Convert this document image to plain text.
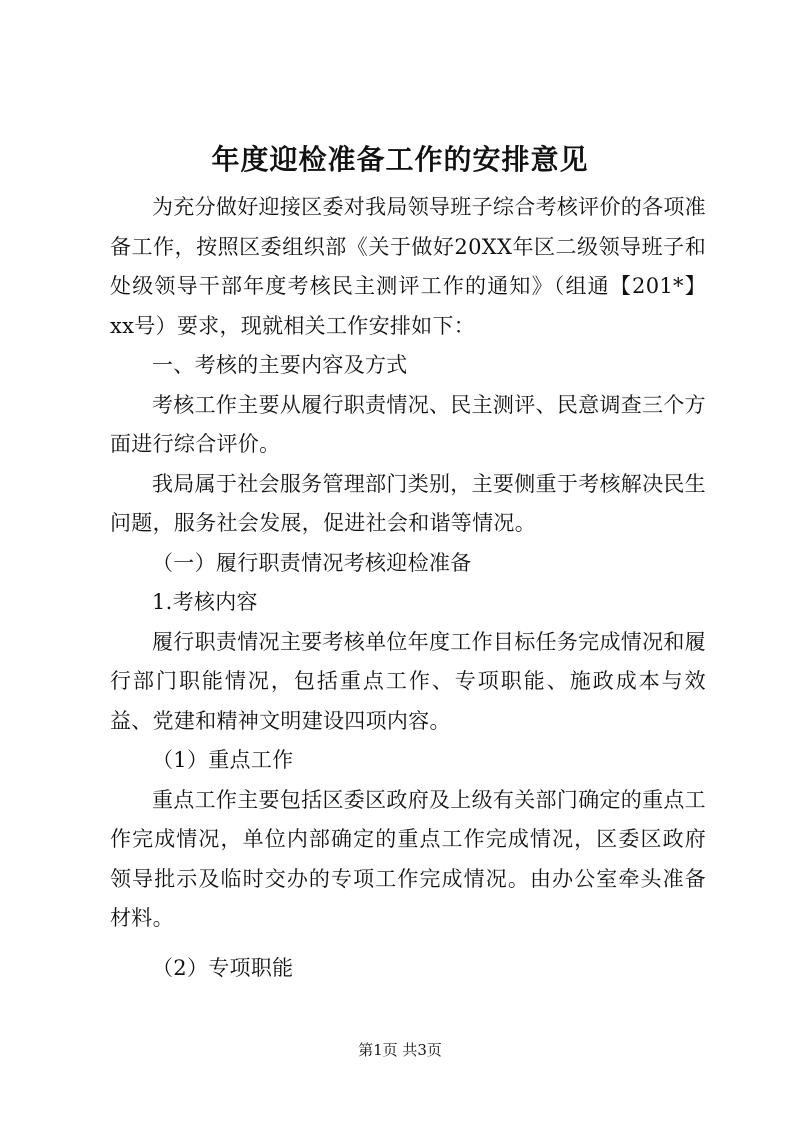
年度迎检准备工作的安排意见

为充分做好迎接区委对我局领导班子综合考核评价的各项准备工作，按照区委组织部《关于做好20XX年区二级领导班子和处级领导干部年度考核民主测评工作的通知》（组通【201*】xx号）要求，现就相关工作安排如下：

一、考核的主要内容及方式

考核工作主要从履行职责情况、民主测评、民意调查三个方面进行综合评价。

我局属于社会服务管理部门类别，主要侧重于考核解决民生问题，服务社会发展，促进社会和谐等情况。

（一）履行职责情况考核迎检准备

1.考核内容

履行职责情况主要考核单位年度工作目标任务完成情况和履行部门职能情况，包括重点工作、专项职能、施政成本与效益、党建和精神文明建设四项内容。

（1）重点工作

重点工作主要包括区委区政府及上级有关部门确定的重点工作完成情况，单位内部确定的重点工作完成情况，区委区政府领导批示及临时交办的专项工作完成情况。由办公室牵头准备材料。

（2）专项职能

第1页 共3页
